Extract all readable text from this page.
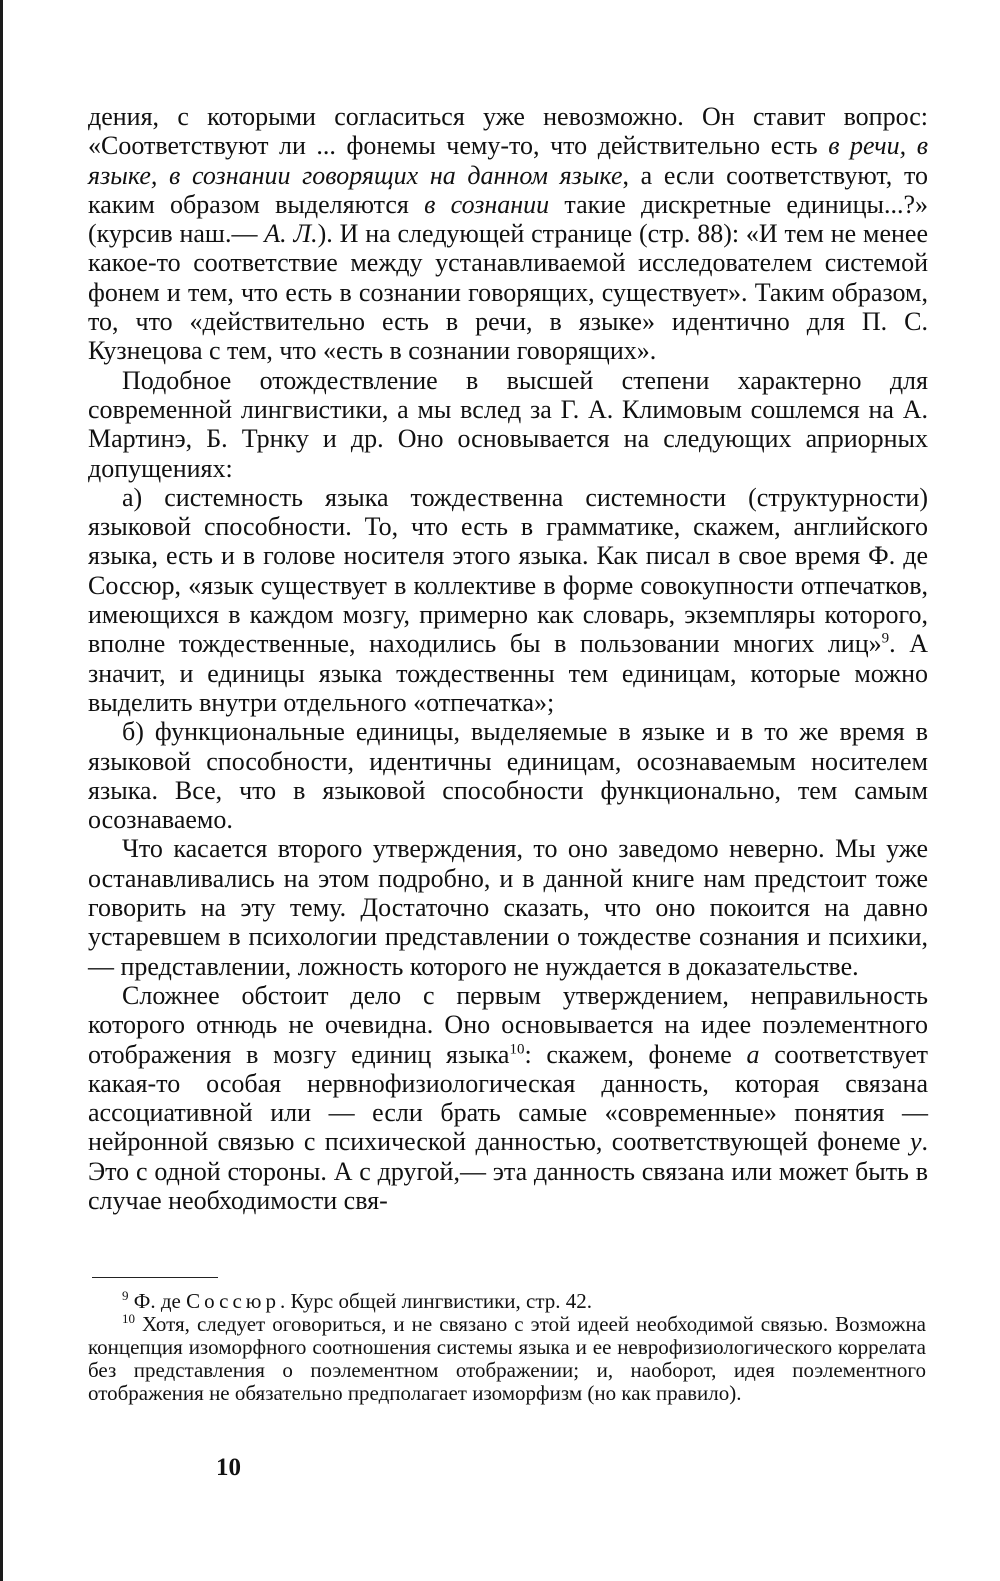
дения, с которыми согласиться уже невозможно. Он ставит вопрос: «Соответствуют ли ... фонемы чему-то, что действительно есть в речи, в языке, в сознании говорящих на данном языке, а если соответствуют, то каким образом выделяются в сознании такие дискретные единицы...?» (курсив наш.— А. Л.). И на следующей странице (стр. 88): «И тем не менее какое-то соответствие между устанавливаемой исследователем системой фонем и тем, что есть в сознании говорящих, существует». Таким образом, то, что «действительно есть в речи, в языке» идентично для П. С. Кузнецова с тем, что «есть в сознании говорящих».

Подобное отождествление в высшей степени характерно для современной лингвистики, а мы вслед за Г. А. Климовым сошлемся на А. Мартинэ, Б. Трнку и др. Оно основывается на следующих априорных допущениях:

а) системность языка тождественна системности (структурности) языковой способности. То, что есть в грамматике, скажем, английского языка, есть и в голове носителя этого языка. Как писал в свое время Ф. де Соссюр, «язык существует в коллективе в форме совокупности отпечатков, имеющихся в каждом мозгу, примерно как словарь, экземпляры которого, вполне тождественные, находились бы в пользовании многих лиц»$^9$. А значит, и единицы языка тождественны тем единицам, которые можно выделить внутри отдельного «отпечатка»;

б) функциональные единицы, выделяемые в языке и в то же время в языковой способности, идентичны единицам, осознаваемым носителем языка. Все, что в языковой способности функционально, тем самым осознаваемо.

Что касается второго утверждения, то оно заведомо неверно. Мы уже останавливались на этом подробно, и в данной книге нам предстоит тоже говорить на эту тему. Достаточно сказать, что оно покоится на давно устаревшем в психологии представлении о тождестве сознания и психики,— представлении, ложность которого не нуждается в доказательстве.

Сложнее обстоит дело с первым утверждением, неправильность которого отнюдь не очевидна. Оно основывается на идее поэлементного отображения в мозгу единиц языка$^{10}$: скажем, фонеме а соответствует какая-то особая нервнофизиологическая данность, которая связана ассоциативной или — если брать самые «современные» понятия — нейронной связью с психической данностью, соответствующей фонеме у. Это с одной стороны. А с другой,— эта данность связана или может быть в случае необходимости свя-

$^9$ Ф. де Соссюр. Курс общей лингвистики, стр. 42.

$^{10}$ Хотя, следует оговориться, и не связано с этой идеей необходимой связью. Возможна концепция изоморфного соотношения системы языка и ее неврофизиологического коррелата без представления о поэлементном отображении; и, наоборот, идея поэлементного отображения не обязательно предполагает изоморфизм (но как правило).

10
